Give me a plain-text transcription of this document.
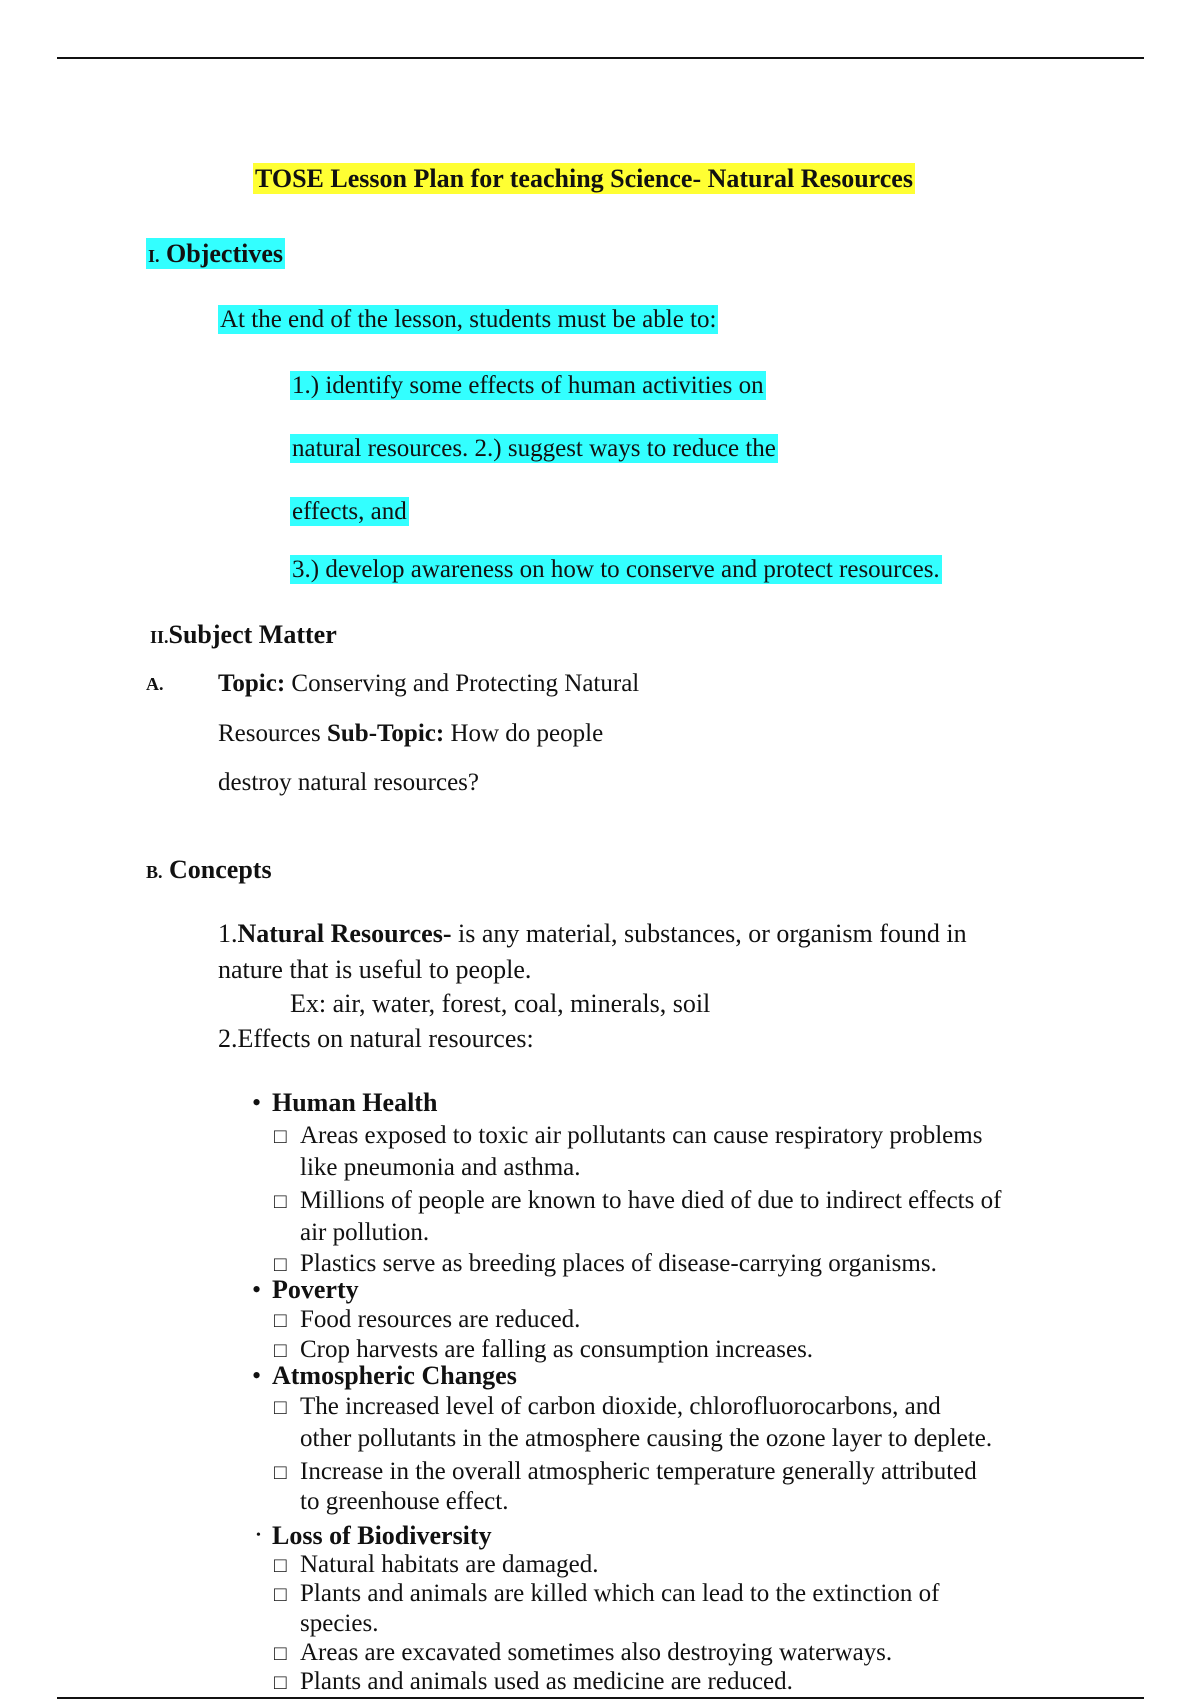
TOSE Lesson Plan for teaching Science- Natural Resources
I. Objectives
At the end of the lesson, students must be able to:
1.) identify some effects of human activities on
natural resources. 2.) suggest ways to reduce the
effects, and
3.) develop awareness on how to conserve and protect resources.
II.Subject Matter
A. Topic: Conserving and Protecting Natural
Resources Sub-Topic: How do people
destroy natural resources?
B. Concepts
1.Natural Resources- is any material, substances, or organism found in
nature that is useful to people.
Ex: air, water, forest, coal, minerals, soil
2.Effects on natural resources:
• Human Health
□ Areas exposed to toxic air pollutants can cause respiratory problems
like pneumonia and asthma.
□ Millions of people are known to have died of due to indirect effects of
air pollution.
□ Plastics serve as breeding places of disease-carrying organisms.
• Poverty
□ Food resources are reduced.
□ Crop harvests are falling as consumption increases.
• Atmospheric Changes
□ The increased level of carbon dioxide, chlorofluorocarbons, and
other pollutants in the atmosphere causing the ozone layer to deplete.
□ Increase in the overall atmospheric temperature generally attributed
to greenhouse effect.
• Loss of Biodiversity
□ Natural habitats are damaged.
□ Plants and animals are killed which can lead to the extinction of
species.
□ Areas are excavated sometimes also destroying waterways.
□ Plants and animals used as medicine are reduced.
